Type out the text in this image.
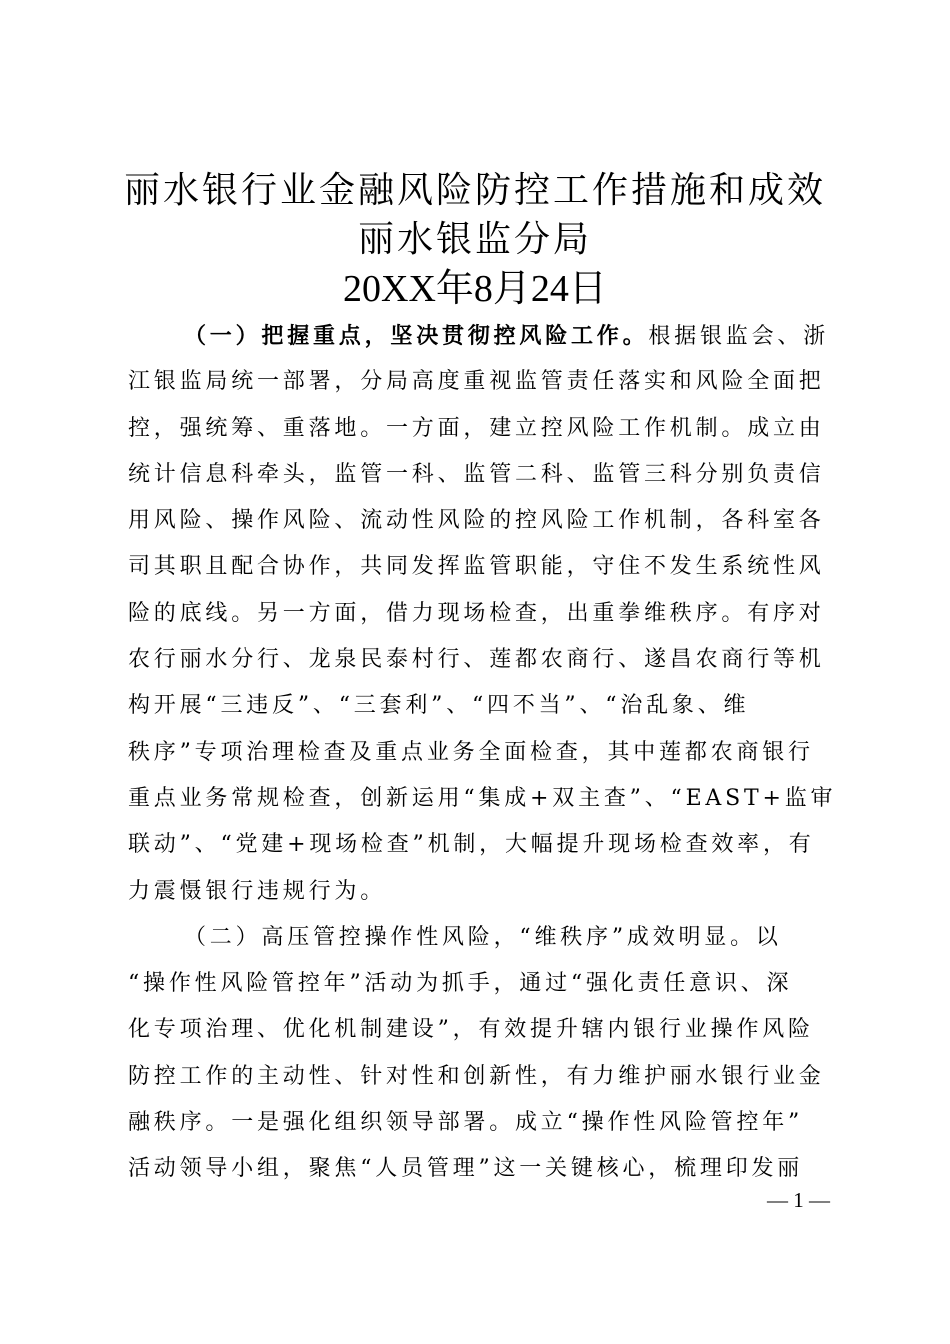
丽水银行业金融风险防控工作措施和成效
丽水银监分局
20XX年8月24日
（一）把握重点，坚决贯彻控风险工作。根据银监会、浙
江银监局统一部署，分局高度重视监管责任落实和风险全面把
控，强统筹、重落地。一方面，建立控风险工作机制。成立由
统计信息科牵头，监管一科、监管二科、监管三科分别负责信
用风险、操作风险、流动性风险的控风险工作机制，各科室各
司其职且配合协作，共同发挥监管职能，守住不发生系统性风
险的底线。另一方面，借力现场检查，出重拳维秩序。有序对
农行丽水分行、龙泉民泰村行、莲都农商行、遂昌农商行等机
构开展“三违反”、“三套利”、“四不当”、“治乱象、维
秩序”专项治理检查及重点业务全面检查，其中莲都农商银行
重点业务常规检查，创新运用“集成+双主查”、“EAST+监审
联动”、“党建+现场检查”机制，大幅提升现场检查效率，有
力震慑银行违规行为。
（二）高压管控操作性风险，“维秩序”成效明显。以
“操作性风险管控年”活动为抓手，通过“强化责任意识、深
化专项治理、优化机制建设”，有效提升辖内银行业操作风险
防控工作的主动性、针对性和创新性，有力维护丽水银行业金
融秩序。一是强化组织领导部署。成立“操作性风险管控年”
活动领导小组，聚焦“人员管理”这一关键核心，梳理印发丽
— 1 —
